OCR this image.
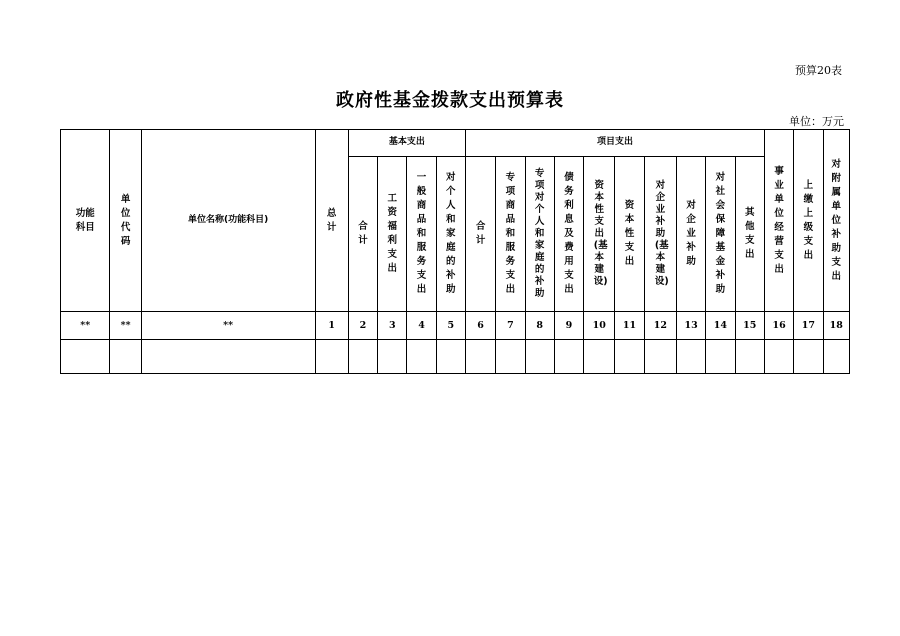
预算20表
政府性基金拨款支出预算表
单位：万元
功能科目	单位代码	单位名称(功能科目)	总计	基本支出				项目支出										事业单位经营支出	上缴上级支出	对附属单位补助支出
				合计	工资福利支出	一般商品和服务支出	对个人和家庭的补助	合计	专项商品和服务支出	专项对个人和家庭的补助	债务利息及费用支出	资本性支出(基本建设)	资本性支出	对企业补助(基本建设)	对企业补助	对社会保障基金补助	其他支出			
**	**	**	1	2	3	4	5	6	7	8	9	10	11	12	13	14	15	16	17	18
